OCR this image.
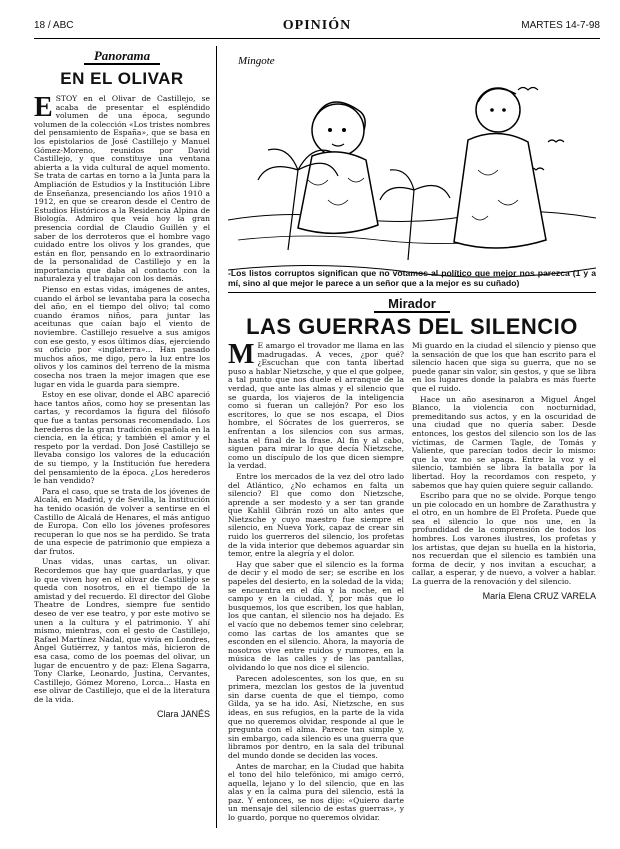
18 / ABC	OPINIÓN	MARTES 14-7-98
Panorama
EN EL OLIVAR

ESTOY en el Olivar de Castillejo, se acaba de presentar el espléndido volumen de una época, segundo volumen de la colección «Los tristes nombres del pensamiento de España», que se basa en los epistolarios de José Castillejo y Manuel Gómez-Moreno, reunidos por David Castillejo, y que constituye una ventana abierta a la vida cultural de aquel momento. Se trata de cartas en torno a la Junta para la Ampliación de Estudios y la Institución Libre de Enseñanza, presenciando los años 1910 a 1912, en que se crearon desde el Centro de Estudios Históricos a la Residencia Alpina de Biología. Admiro que veía hoy la gran presencia cordial de Claudio Guillén y el saber de los derroteros que el hombre vago cuidado entre los olivos y los grandes, que están en flor, pensando en lo extraordinario de la personalidad de Castillejo y en la importancia que daba al contacto con la naturaleza y el trabajar con los demás.

Pienso en estas vidas, imágenes de antes, cuando el árbol se levantaba para la cosecha del año, en el tiempo del olivo; tal como cuando éramos niños, para juntar las aceitunas que caían bajo el viento de noviembre. Castillejo resuelve a sus amigos con ese gesto, y esos últimos días, ejerciendo su oficio por «inglaterra»... Han pasado muchos años, me digo, pero la luz entre los olivos y los caminos del terreno de la misma cosecha nos traen la mejor imagen que ese lugar en vida le guarda para siempre.

Estoy en ese olivar, donde el ABC apareció hace tantos años, como hoy se presentan las cartas, y recordamos la figura del filósofo que fue a tantas personas recomendado. Los herederos de la gran tradición española en la ciencia, en la ética; y también el amor y el respeto por la verdad. Don José Castillejo se llevaba consigo los valores de la educación de su tiempo, y la Institución fue heredera del pensamiento de la época. ¿Los herederos le han vendido?

Para el caso, que se trata de los jóvenes de Alcalá, en Madrid, y de Sevilla, la Institución ha tenido ocasión de volver a sentirse en el Castillo de Alcalá de Henares, el más antiguo de Europa. Con ello los jóvenes profesores recuperan lo que nos se ha perdido. Se trata de una especie de patrimonio que empieza a dar frutos.

Unas vidas, unas cartas, un olivar. Recordemos que hay que guardarlas, y que lo que viven hoy en el olivar de Castillejo se queda con nosotros, en el tiempo de la amistad y del recuerdo. El director del Globe Theatre de Londres, siempre fue sentido deseo de ver ese teatro, y por este motivo se unen a la cultura y el patrimonio. Y ahí mismo, mientras, con el gesto de Castillejo, Rafael Martínez Nadal, que vivía en Londres, Ángel Gutiérrez, y tantos más, hicieron de esa casa, como de los poemas del olivar, un lugar de encuentro y de paz: Elena Sagarra, Tony Clarke, Leonardo, Justina, Cervantes, Castillejo, Gómez Moreno, Lorca... Hasta en ese olivar de Castillejo, que el de la literatura de la vida.

Clara JANÉS
Mingote
-Los listos corruptos significan que no votamos al político que mejor nos parezca (1 y a mí, sino al que mejor le parece a un señor que a la mejor es su cuñado)
Mirador
LAS GUERRAS DEL SILENCIO

M E amargo el trovador me llama en las madrugadas. A veces, ¿por qué? ¿Escuchan que con tanta libertad puso a hablar Nietzsche, y que el que golpee, a tal punto que nos duele el arranque de la verdad, que ante las almas y el silencio que se guarda, los viajeros de la inteligencia como si fueran un callejón? Por eso los escritores, lo que se nos escapa, el Dios hombre, el Sócrates de los guerreros, se enfrentan a los silencios con sus armas, hasta el final de la frase. Al fin y al cabo, siguen para mirar lo que decía Nietzsche, como un discípulo de los que dicen siempre la verdad.

Entre los mercados de la vez del otro lado del Atlántico, ¿No echamos en falta un silencio? El que como don Nietzsche, aprende a ser modesto y a ser tan grande que Kahlil Gibrán rozó un alto antes que Nietzsche y cuyo maestro fue siempre el silencio, en Nueva York, capaz de crear sin ruido los guerreros del silencio, los profetas de la vida interior que debemos aguardar sin temor, entre la alegría y el dolor.

Hay que saber que el silencio es la forma de decir y el modo de ser; se escribe en los papeles del desierto, en la soledad de la vida; se encuentra en el día y la noche, en el campo y en la ciudad. Y, por más que lo busquemos, los que escriben, los que hablan, los que cantan, el silencio nos ha dejado. Es el vacío que no debemos temer sino celebrar, como las cartas de los amantes que se esconden en el silencio. Ahora, la mayoría de nosotros vive entre ruidos y rumores, en la música de las calles y de las pantallas, olvidando lo que nos dice el silencio.

Parecen adolescentes, son los que, en su primera, mezclan los gestos de la juventud sin darse cuenta de que el tiempo, como Gilda, ya se ha ido. Así, Nietzsche, en sus ideas, en sus refugios, en la parte de la vida que no queremos olvidar, responde al que le pregunta con el alma. Parece tan simple y, sin embargo, cada silencio es una guerra que libramos por dentro, en la sala del tribunal del mundo donde se deciden las voces.

Antes de marchar, en la Ciudad que habita el tono del hilo telefónico, mi amigo cerró, aquella, lejano y lo del silencio, que en las alas y en la calma pura del silencio, está la paz. Y entonces, se nos dijo: «Quiero darte un mensaje del silencio de estas guerras», y lo guardo, porque no queremos olvidar.

Mi guardo en la ciudad el silencio y pienso que la sensación de que los que han escrito para el silencio hacen que siga su guerra, que no se puede ganar sin valor, sin gestos, y que se libra en los lugares donde la palabra es más fuerte que el ruido.

Hace un año asesinaron a Miguel Ángel Blanco, la violencia con nocturnidad, premeditando sus actos, y en la oscuridad de una ciudad que no quería saber. Desde entonces, los gestos del silencio son los de las víctimas, de Carmen Tagle, de Tomás y Valiente, que parecían todos decir lo mismo: que la voz no se apaga. Entre la voz y el silencio, también se libra la batalla por la libertad. Hoy la recordamos con respeto, y sabemos que hay quien quiere seguir callando.

Escribo para que no se olvide. Porque tengo un pie colocado en un hombre de Zarathustra y el otro, en un hombre de El Profeta. Puede que sea el silencio lo que nos une, en la profundidad de la comprensión de todos los hombres. Los varones ilustres, los profetas y los artistas, que dejan su huella en la historia, nos recuerdan que el silencio es también una forma de decir, y nos invitan a escuchar, a callar, a esperar, y de nuevo, a volver a hablar. La guerra de la renovación y del silencio.

María Elena CRUZ VARELA
